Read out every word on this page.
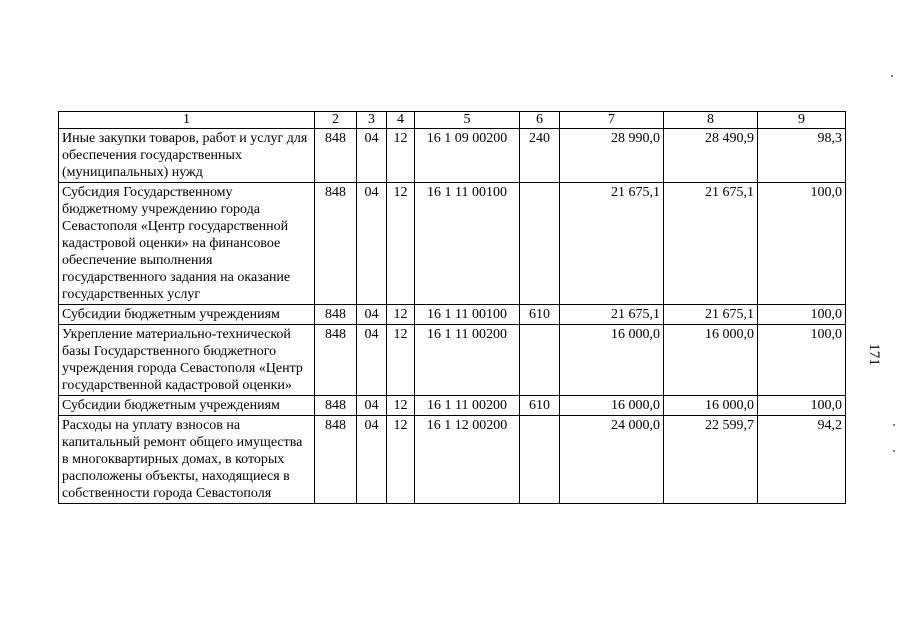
1	2	3	4	5	6	7	8	9
Иные закупки товаров, работ и услуг для обеспечения государственных (муниципальных) нужд	848	04	12	16 1 09 00200	240	28 990,0	28 490,9	98,3
Субсидия Государственному бюджетному учреждению города Севастополя «Центр государственной кадастровой оценки» на финансовое обеспечение выполнения государственного задания на оказание государственных услуг	848	04	12	16 1 11 00100		21 675,1	21 675,1	100,0
Субсидии бюджетным учреждениям	848	04	12	16 1 11 00100	610	21 675,1	21 675,1	100,0
Укрепление материально-технической базы Государственного бюджетного учреждения города Севастополя «Центр государственной кадастровой оценки»	848	04	12	16 1 11 00200		16 000,0	16 000,0	100,0
Субсидии бюджетным учреждениям	848	04	12	16 1 11 00200	610	16 000,0	16 000,0	100,0
Расходы на уплату взносов на капитальный ремонт общего имущества в многоквартирных домах, в которых расположены объекты, находящиеся в собственности города Севастополя	848	04	12	16 1 12 00200		24 000,0	22 599,7	94,2
171
